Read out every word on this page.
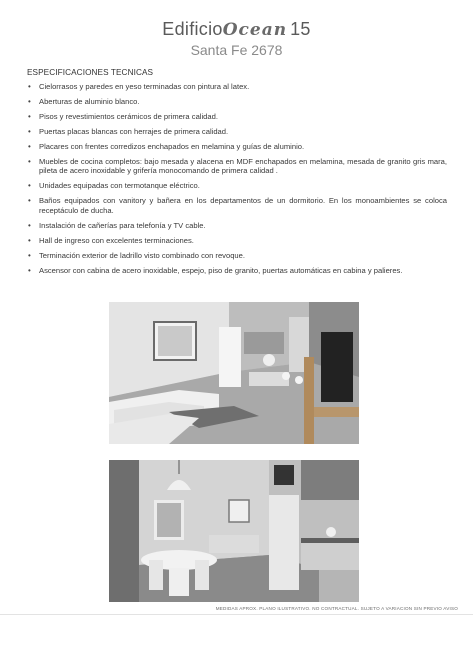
EdificioOcean 15
Santa Fe 2678
ESPECIFICACIONES TECNICAS
• Cielorrasos y paredes en yeso terminadas con pintura al latex.
• Aberturas de aluminio blanco.
• Pisos y revestimientos cerámicos de primera calidad.
• Puertas placas blancas con herrajes de primera calidad.
• Placares con frentes corredizos enchapados en melamina y guías de aluminio.
• Muebles de cocina completos: bajo mesada y alacena en MDF enchapados en melamina, mesada de granito gris mara, pileta de acero inoxidable y grifería monocomando de primera calidad .
• Unidades equipadas con termotanque eléctrico.
• Baños equipados con vanitory y bañera en los departamentos de un dormitorio. En los monoambientes se coloca receptáculo de ducha.
• Instalación de cañerías para telefonía y TV cable.
• Hall de ingreso con excelentes terminaciones.
• Terminación exterior de ladrillo visto combinado con revoque.
• Ascensor con cabina de acero inoxidable, espejo, piso de granito, puertas automáticas en cabina y palieres.
MEDIDAS APROX. PLANO ILUSTRATIVO. NO CONTRACTUAL. SUJETO A VARIACION SIN PREVIO AVISO
